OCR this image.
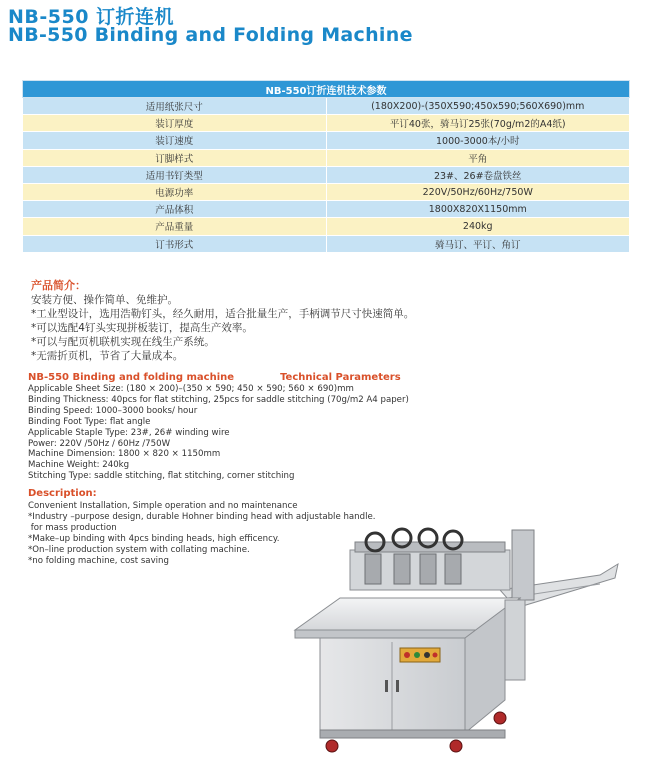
NB-550 订折连机
NB-550 Binding and Folding Machine
NB-550订折连机技术参数	
适用纸张尺寸	(180X200)-(350X590;450x590;560X690)mm
装订厚度	平订40张，骑马订25张(70g/m2的A4纸)
装订速度	1000-3000本/小时
订脚样式	平角
适用书钉类型	23#、26#卷盘铁丝
电源功率	220V/50Hz/60Hz/750W
产品体积	1800X820X1150mm
产品重量	240kg
订书形式	骑马订、平订、角订
产品简介：
安装方便、操作简单、免维护。
*工业型设计，选用浩勒钉头，经久耐用，适合批量生产，手柄调节尺寸快速简单。
*可以选配4钉头实现拼板装订，提高生产效率。
*可以与配页机联机实现在线生产系统。
*无需折页机，节省了大量成本。
NB-550 Binding and folding machine	Technical Parameters
Applicable Sheet Size: (180 × 200)–(350 × 590; 450 × 590; 560 × 690)mm
Binding Thickness: 40pcs for flat stitching, 25pcs for saddle stitching (70g/m2 A4 paper)
Binding Speed: 1000–3000 books/ hour
Binding Foot Type: flat angle
Applicable Staple Type: 23#, 26# winding wire
Power: 220V /50Hz / 60Hz /750W
Machine Dimension: 1800 × 820 × 1150mm
Machine Weight: 240kg
Stitching Type: saddle stitching, flat stitching, corner stitching
Description:
Convenient Installation, Simple operation and no maintenance
*Industry –purpose design, durable Hohner binding head with adjustable handle.
for mass production
*Make–up binding with 4pcs binding heads, high efficency.
*On–line production system with collating machine.
*no folding machine, cost saving
